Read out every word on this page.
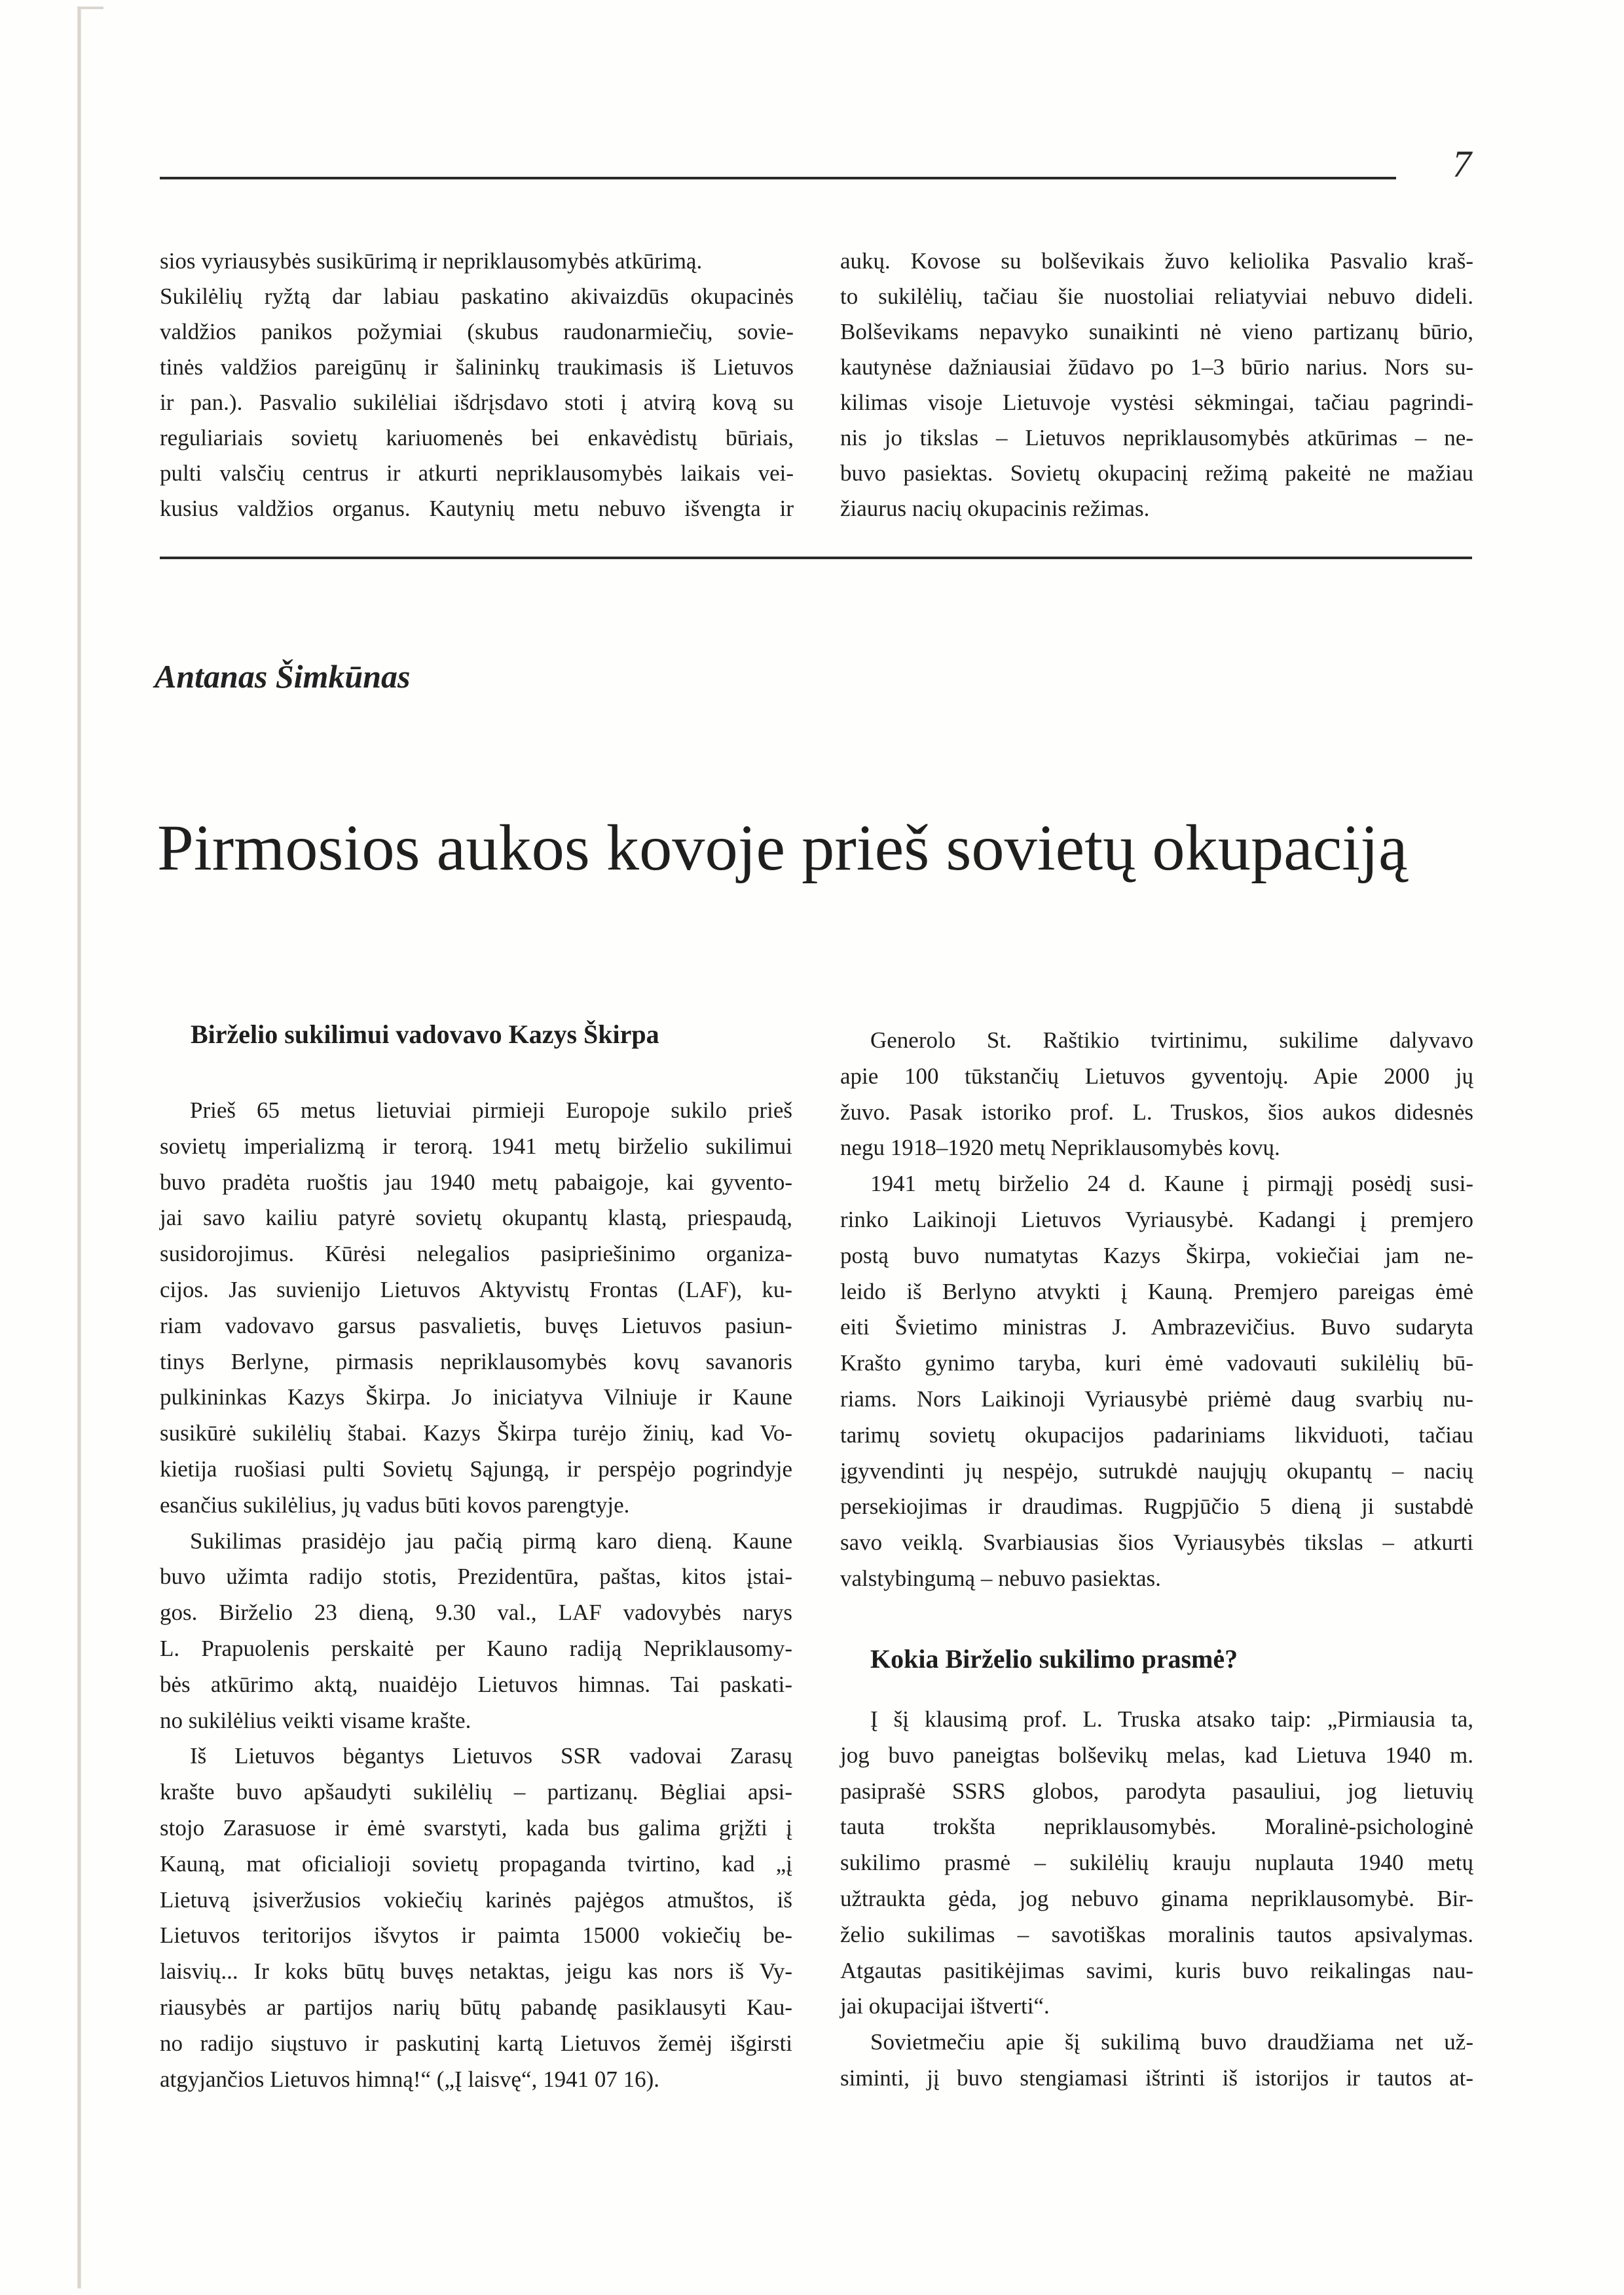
7
sios vyriausybės susikūrimą ir nepriklausomybės atkūrimą.
Sukilėlių ryžtą dar labiau paskatino akivaizdūs okupacinės
valdžios panikos požymiai (skubus raudonarmiečių, sovie-
tinės valdžios pareigūnų ir šalininkų traukimasis iš Lietuvos
ir pan.). Pasvalio sukilėliai išdrįsdavo stoti į atvirą kovą su
reguliariais sovietų kariuomenės bei enkavėdistų būriais,
pulti valsčių centrus ir atkurti nepriklausomybės laikais vei-
kusius valdžios organus. Kautynių metu nebuvo išvengta ir
aukų. Kovose su bolševikais žuvo keliolika Pasvalio kraš-
to sukilėlių, tačiau šie nuostoliai reliatyviai nebuvo dideli.
Bolševikams nepavyko sunaikinti nė vieno partizanų būrio,
kautynėse dažniausiai žūdavo po 1–3 būrio narius. Nors su-
kilimas visoje Lietuvoje vystėsi sėkmingai, tačiau pagrindi-
nis jo tikslas – Lietuvos nepriklausomybės atkūrimas – ne-
buvo pasiektas. Sovietų okupacinį režimą pakeitė ne mažiau
žiaurus nacių okupacinis režimas.
Antanas Šimkūnas
Pirmosios aukos kovoje prieš sovietų okupaciją
Birželio sukilimui vadovavo Kazys Škirpa
Prieš 65 metus lietuviai pirmieji Europoje sukilo prieš
sovietų imperializmą ir terorą. 1941 metų birželio sukilimui
buvo pradėta ruoštis jau 1940 metų pabaigoje, kai gyvento-
jai savo kailiu patyrė sovietų okupantų klastą, priespaudą,
susidorojimus. Kūrėsi nelegalios pasipriešinimo organiza-
cijos. Jas suvienijo Lietuvos Aktyvistų Frontas (LAF), ku-
riam vadovavo garsus pasvalietis, buvęs Lietuvos pasiun-
tinys Berlyne, pirmasis nepriklausomybės kovų savanoris
pulkininkas Kazys Škirpa. Jo iniciatyva Vilniuje ir Kaune
susikūrė sukilėlių štabai. Kazys Škirpa turėjo žinių, kad Vo-
kietija ruošiasi pulti Sovietų Sąjungą, ir perspėjo pogrindyje
esančius sukilėlius, jų vadus būti kovos parengtyje.
Sukilimas prasidėjo jau pačią pirmą karo dieną. Kaune
buvo užimta radijo stotis, Prezidentūra, paštas, kitos įstai-
gos. Birželio 23 dieną, 9.30 val., LAF vadovybės narys
L. Prapuolenis perskaitė per Kauno radiją Nepriklausomy-
bės atkūrimo aktą, nuaidėjo Lietuvos himnas. Tai paskati-
no sukilėlius veikti visame krašte.
Iš Lietuvos bėgantys Lietuvos SSR vadovai Zarasų
krašte buvo apšaudyti sukilėlių – partizanų. Bėgliai apsi-
stojo Zarasuose ir ėmė svarstyti, kada bus galima grįžti į
Kauną, mat oficialioji sovietų propaganda tvirtino, kad „į
Lietuvą įsiveržusios vokiečių karinės pajėgos atmuštos, iš
Lietuvos teritorijos išvytos ir paimta 15000 vokiečių be-
laisvių... Ir koks būtų buvęs netaktas, jeigu kas nors iš Vy-
riausybės ar partijos narių būtų pabandę pasiklausyti Kau-
no radijo siųstuvo ir paskutinį kartą Lietuvos žemėj išgirsti
atgyjančios Lietuvos himną!“ („Į laisvę“, 1941 07 16).
Generolo St. Raštikio tvirtinimu, sukilime dalyvavo
apie 100 tūkstančių Lietuvos gyventojų. Apie 2000 jų
žuvo. Pasak istoriko prof. L. Truskos, šios aukos didesnės
negu 1918–1920 metų Nepriklausomybės kovų.
1941 metų birželio 24 d. Kaune į pirmąjį posėdį susi-
rinko Laikinoji Lietuvos Vyriausybė. Kadangi į premjero
postą buvo numatytas Kazys Škirpa, vokiečiai jam ne-
leido iš Berlyno atvykti į Kauną. Premjero pareigas ėmė
eiti Švietimo ministras J. Ambrazevičius. Buvo sudaryta
Krašto gynimo taryba, kuri ėmė vadovauti sukilėlių bū-
riams. Nors Laikinoji Vyriausybė priėmė daug svarbių nu-
tarimų sovietų okupacijos padariniams likviduoti, tačiau
įgyvendinti jų nespėjo, sutrukdė naujųjų okupantų – nacių
persekiojimas ir draudimas. Rugpjūčio 5 dieną ji sustabdė
savo veiklą. Svarbiausias šios Vyriausybės tikslas – atkurti
valstybingumą – nebuvo pasiektas.
Kokia Birželio sukilimo prasmė?
Į šį klausimą prof. L. Truska atsako taip: „Pirmiausia ta,
jog buvo paneigtas bolševikų melas, kad Lietuva 1940 m.
pasiprašė SSRS globos, parodyta pasauliui, jog lietuvių
tauta trokšta nepriklausomybės. Moralinė-psichologinė
sukilimo prasmė – sukilėlių krauju nuplauta 1940 metų
užtraukta gėda, jog nebuvo ginama nepriklausomybė. Bir-
želio sukilimas – savotiškas moralinis tautos apsivalymas.
Atgautas pasitikėjimas savimi, kuris buvo reikalingas nau-
jai okupacijai ištverti“.
Sovietmečiu apie šį sukilimą buvo draudžiama net už-
siminti, jį buvo stengiamasi ištrinti iš istorijos ir tautos at-
